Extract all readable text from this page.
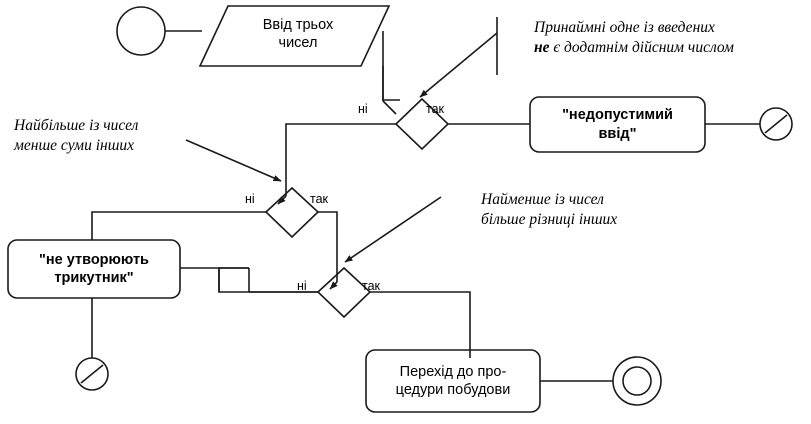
Ввід трьох
чисел
"недопустимий
ввід"
"не утворюють
трикутник"
Перехід до про-
цедури побудови
ні	так
ні	так
ні	так
Принаймні одне із введених
не є додатнім дійсним числом
Найбільше із чисел
менше суми інших
Найменше із чисел
більше різниці інших
